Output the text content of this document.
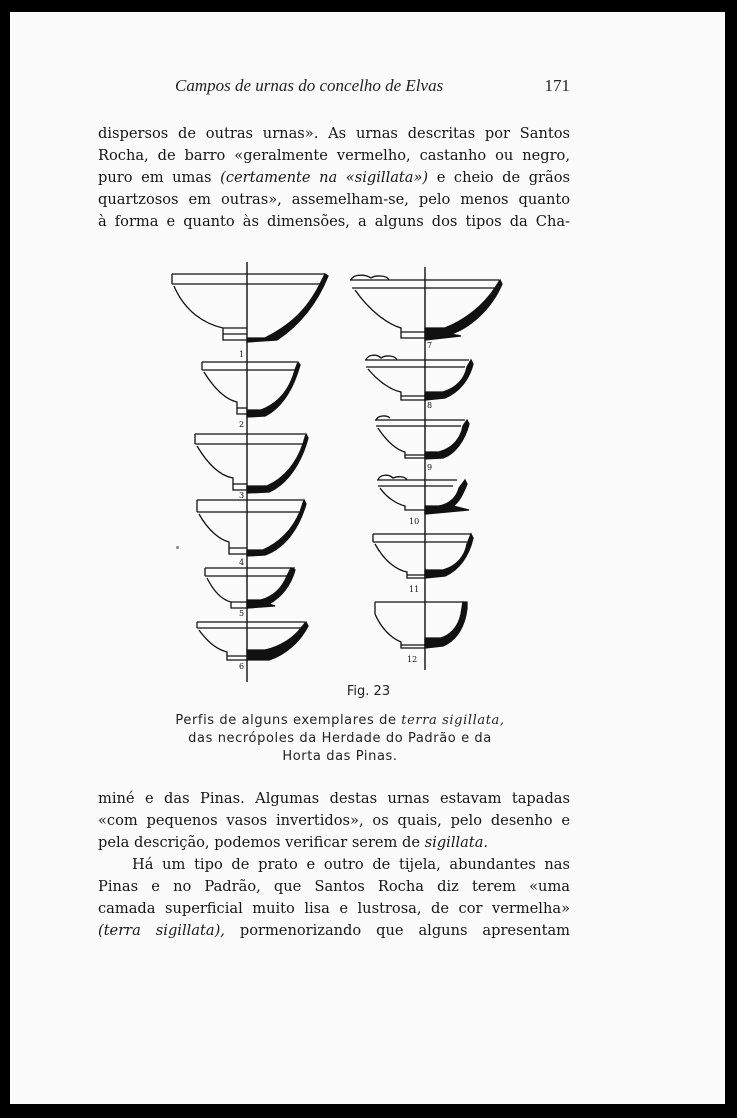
Campos de urnas do concelho de Elvas	171
dispersos de outras urnas». As urnas descritas por Santos
Rocha, de barro «geralmente vermelho, castanho ou negro,
puro em umas (certamente na «sigillata») e cheio de grãos
quartzosos em outras», assemelham-se, pelo menos quanto
à forma e quanto às dimensões, a alguns dos tipos da Cha-
1
2
3
4
5
6
7
8
9
10
11
12
Fig. 23
Perfis de alguns exemplares de terra sigillata,
das necrópoles da Herdade do Padrão e da
Horta das Pinas.
miné e das Pinas. Algumas destas urnas estavam tapadas
«com pequenos vasos invertidos», os quais, pelo desenho e
pela descrição, podemos verificar serem de sigillata.
Há um tipo de prato e outro de tijela, abundantes nas
Pinas e no Padrão, que Santos Rocha diz terem «uma
camada superficial muito lisa e lustrosa, de cor vermelha»
(terra sigillata), pormenorizando que alguns apresentam
